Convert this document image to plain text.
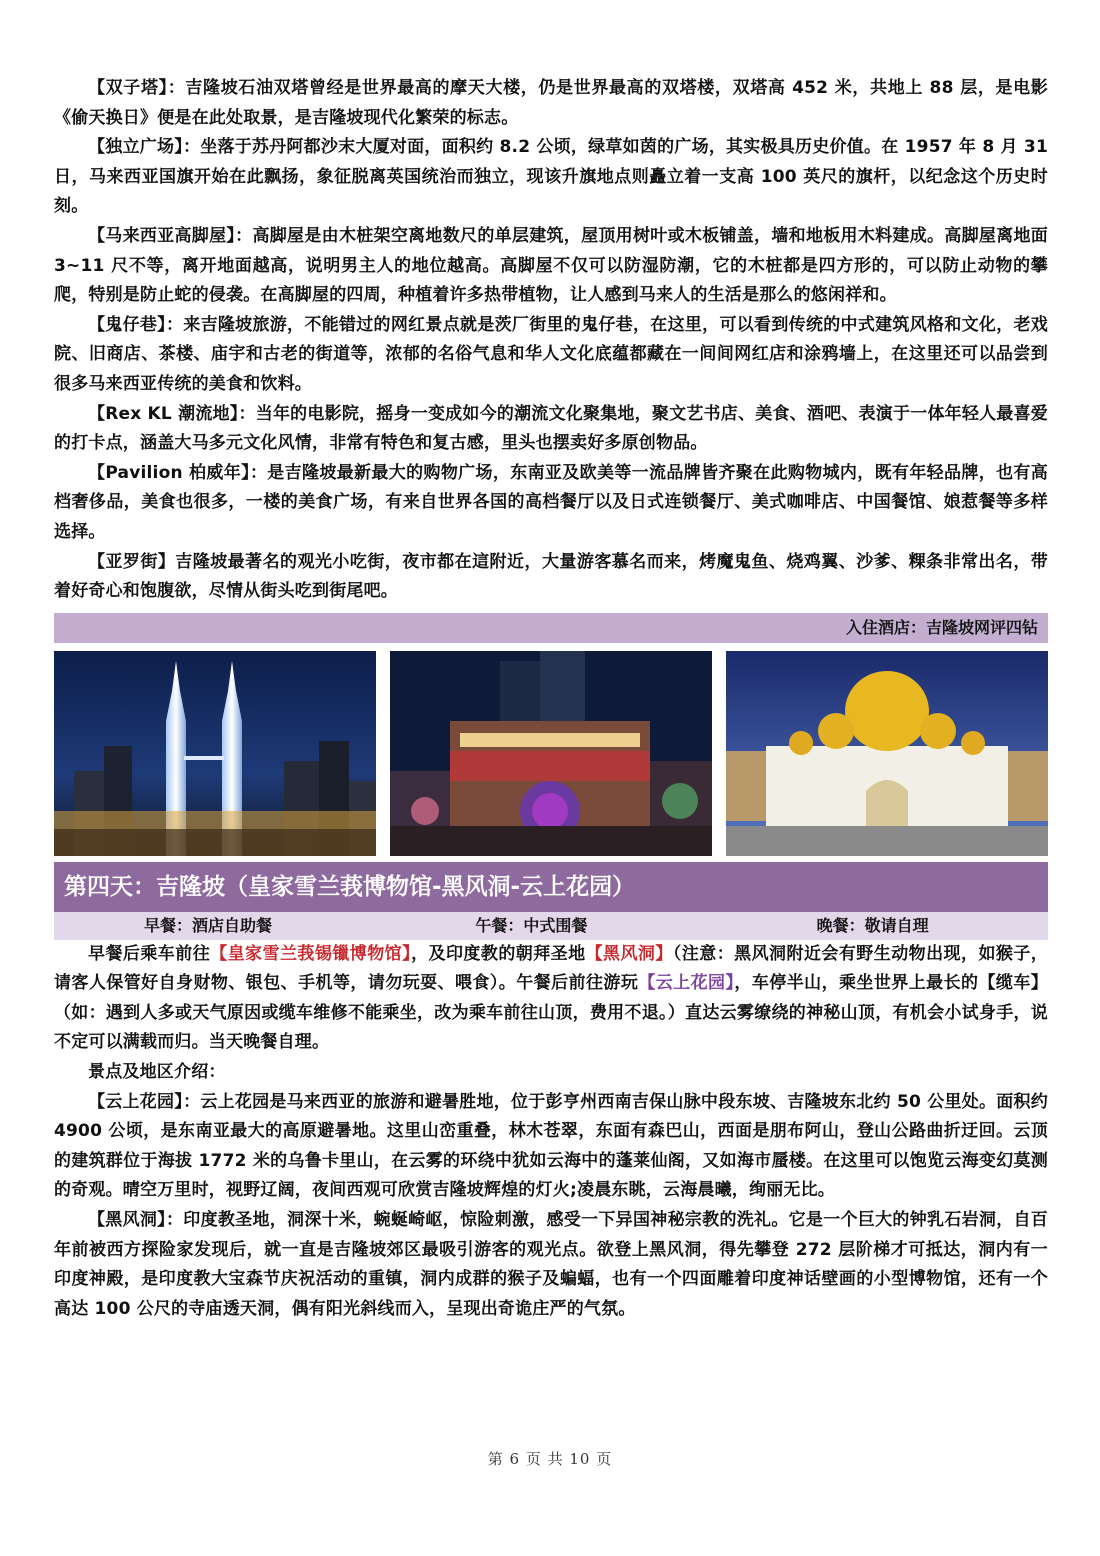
【双子塔】：吉隆坡石油双塔曾经是世界最高的摩天大楼，仍是世界最高的双塔楼，双塔高 452 米，共地上 88 层，是电影《偷天换日》便是在此处取景，是吉隆坡现代化繁荣的标志。

【独立广场】：坐落于苏丹阿都沙末大厦对面，面积约 8.2 公顷，绿草如茵的广场，其实极具历史价值。在 1957 年 8 月 31 日，马来西亚国旗开始在此飘扬，象征脱离英国统治而独立，现该升旗地点则矗立着一支高 100 英尺的旗杆，以纪念这个历史时刻。

【马来西亚高脚屋】：高脚屋是由木桩架空离地数尺的单层建筑，屋顶用树叶或木板铺盖，墙和地板用木料建成。高脚屋离地面 3~11 尺不等，离开地面越高，说明男主人的地位越高。高脚屋不仅可以防湿防潮，它的木桩都是四方形的，可以防止动物的攀爬，特别是防止蛇的侵袭。在高脚屋的四周，种植着许多热带植物，让人感到马来人的生活是那么的悠闲祥和。

【鬼仔巷】：来吉隆坡旅游，不能错过的网红景点就是茨厂街里的鬼仔巷，在这里，可以看到传统的中式建筑风格和文化，老戏院、旧商店、茶楼、庙宇和古老的街道等，浓郁的名俗气息和华人文化底蕴都藏在一间间网红店和涂鸦墙上，在这里还可以品尝到很多马来西亚传统的美食和饮料。

【Rex KL 潮流地】：当年的电影院，摇身一变成如今的潮流文化聚集地，聚文艺书店、美食、酒吧、表演于一体年轻人最喜爱的打卡点，涵盖大马多元文化风情，非常有特色和复古感，里头也摆卖好多原创物品。

【Pavilion 柏威年】：是吉隆坡最新最大的购物广场，东南亚及欧美等一流品牌皆齐聚在此购物城内，既有年轻品牌，也有高档奢侈品，美食也很多，一楼的美食广场，有来自世界各国的高档餐厅以及日式连锁餐厅、美式咖啡店、中国餐馆、娘惹餐等多样选择。

【亚罗街】吉隆坡最著名的观光小吃街，夜市都在這附近，大量游客慕名而来，烤魔鬼鱼、烧鸡翼、沙爹、粿条非常出名，带着好奇心和饱腹欲，尽情从街头吃到街尾吧。

入住酒店：吉隆坡网评四钻
第四天：吉隆坡（皇家雪兰莪博物馆-黑风洞-云上花园）
早餐：酒店自助餐	午餐：中式围餐	晚餐：敬请自理

早餐后乘车前往【皇家雪兰莪锡镴博物馆】，及印度教的朝拜圣地【黑风洞】（注意：黑风洞附近会有野生动物出现，如猴子，请客人保管好自身财物、银包、手机等，请勿玩耍、喂食）。午餐后前往游玩【云上花园】，车停半山，乘坐世界上最长的【缆车】（如：遇到人多或天气原因或缆车维修不能乘坐，改为乘车前往山顶，费用不退。）直达云雾缭绕的神秘山顶，有机会小试身手，说不定可以满载而归。当天晚餐自理。

景点及地区介绍：

【云上花园】：云上花园是马来西亚的旅游和避暑胜地，位于彭亨州西南吉保山脉中段东坡、吉隆坡东北约 50 公里处。面积约 4900 公顷，是东南亚最大的高原避暑地。这里山峦重叠，林木苍翠，东面有森巴山，西面是朋布阿山，登山公路曲折迂回。云顶的建筑群位于海拔 1772 米的乌鲁卡里山，在云雾的环绕中犹如云海中的蓬莱仙阁，又如海市蜃楼。在这里可以饱览云海变幻莫测的奇观。晴空万里时，视野辽阔，夜间西观可欣赏吉隆坡辉煌的灯火;凌晨东眺，云海晨曦，绚丽无比。

【黑风洞】：印度教圣地，洞深十米，蜿蜒崎岖，惊险刺激，感受一下异国神秘宗教的洗礼。它是一个巨大的钟乳石岩洞，自百年前被西方探险家发现后，就一直是吉隆坡郊区最吸引游客的观光点。欲登上黑风洞，得先攀登 272 层阶梯才可抵达，洞内有一印度神殿，是印度教大宝森节庆祝活动的重镇，洞内成群的猴子及蝙蝠，也有一个四面雕着印度神话壁画的小型博物馆，还有一个高达 100 公尺的寺庙透天洞，偶有阳光斜线而入，呈现出奇诡庄严的气氛。

第 6 页 共 10 页
